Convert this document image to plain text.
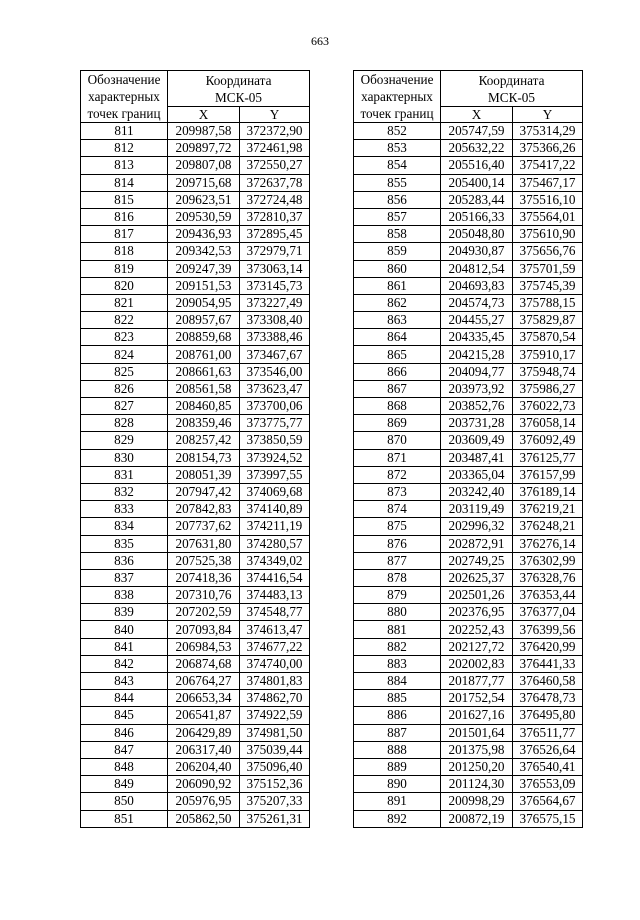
663
Обозначение
характерных
точек границ	Координата
МСК-05	
	X	Y
811	209987,58	372372,90
812	209897,72	372461,98
813	209807,08	372550,27
814	209715,68	372637,78
815	209623,51	372724,48
816	209530,59	372810,37
817	209436,93	372895,45
818	209342,53	372979,71
819	209247,39	373063,14
820	209151,53	373145,73
821	209054,95	373227,49
822	208957,67	373308,40
823	208859,68	373388,46
824	208761,00	373467,67
825	208661,63	373546,00
826	208561,58	373623,47
827	208460,85	373700,06
828	208359,46	373775,77
829	208257,42	373850,59
830	208154,73	373924,52
831	208051,39	373997,55
832	207947,42	374069,68
833	207842,83	374140,89
834	207737,62	374211,19
835	207631,80	374280,57
836	207525,38	374349,02
837	207418,36	374416,54
838	207310,76	374483,13
839	207202,59	374548,77
840	207093,84	374613,47
841	206984,53	374677,22
842	206874,68	374740,00
843	206764,27	374801,83
844	206653,34	374862,70
845	206541,87	374922,59
846	206429,89	374981,50
847	206317,40	375039,44
848	206204,40	375096,40
849	206090,92	375152,36
850	205976,95	375207,33
851	205862,50	375261,31
Обозначение
характерных
точек границ	Координата
МСК-05	
	X	Y
852	205747,59	375314,29
853	205632,22	375366,26
854	205516,40	375417,22
855	205400,14	375467,17
856	205283,44	375516,10
857	205166,33	375564,01
858	205048,80	375610,90
859	204930,87	375656,76
860	204812,54	375701,59
861	204693,83	375745,39
862	204574,73	375788,15
863	204455,27	375829,87
864	204335,45	375870,54
865	204215,28	375910,17
866	204094,77	375948,74
867	203973,92	375986,27
868	203852,76	376022,73
869	203731,28	376058,14
870	203609,49	376092,49
871	203487,41	376125,77
872	203365,04	376157,99
873	203242,40	376189,14
874	203119,49	376219,21
875	202996,32	376248,21
876	202872,91	376276,14
877	202749,25	376302,99
878	202625,37	376328,76
879	202501,26	376353,44
880	202376,95	376377,04
881	202252,43	376399,56
882	202127,72	376420,99
883	202002,83	376441,33
884	201877,77	376460,58
885	201752,54	376478,73
886	201627,16	376495,80
887	201501,64	376511,77
888	201375,98	376526,64
889	201250,20	376540,41
890	201124,30	376553,09
891	200998,29	376564,67
892	200872,19	376575,15
